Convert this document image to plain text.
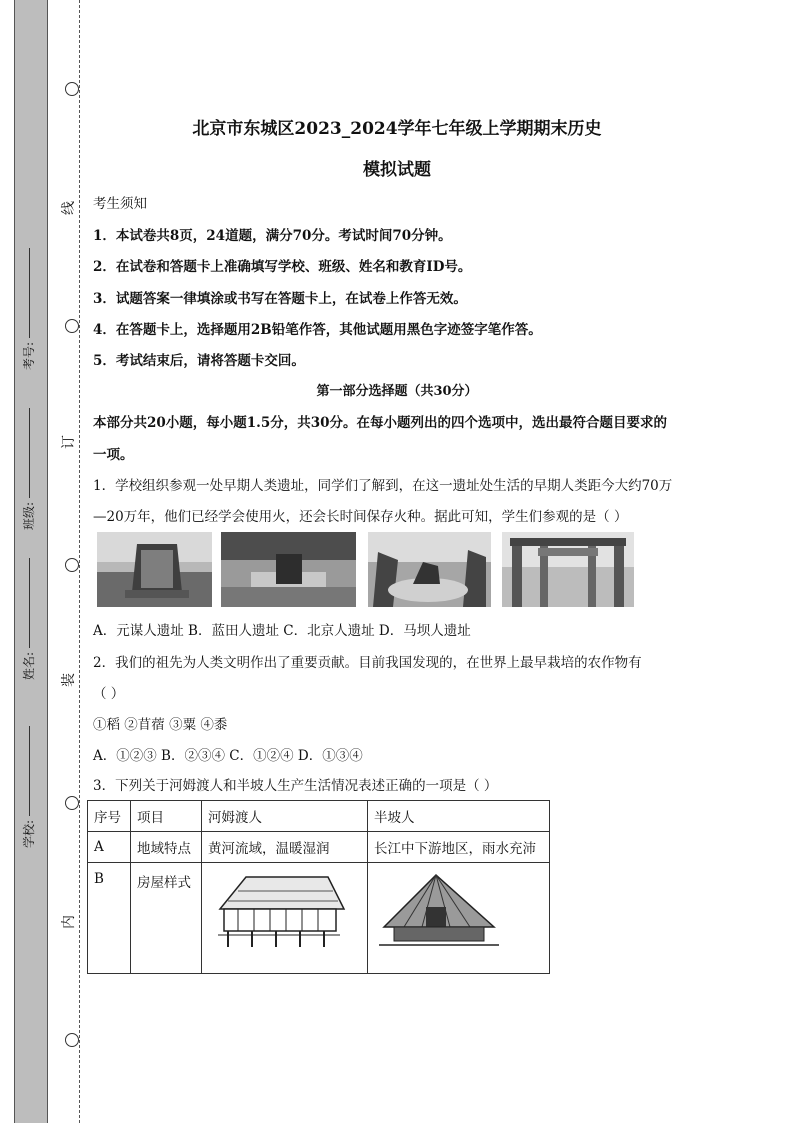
线
订
装
内
考号:
班级:
姓名:
学校:
北京市东城区2023_2024学年七年级上学期期末历史
模拟试题
考生须知
1．本试卷共8页，24道题，满分70分。考试时间70分钟。
2．在试卷和答题卡上准确填写学校、班级、姓名和教育ID号。
3．试题答案一律填涂或书写在答题卡上，在试卷上作答无效。
4．在答题卡上，选择题用2B铅笔作答，其他试题用黑色字迹签字笔作答。
5．考试结束后，请将答题卡交回。
第一部分选择题（共30分）
本部分共20小题，每小题1.5分，共30分。在每小题列出的四个选项中，选出最符合题目要求的
一项。
1．学校组织参观一处早期人类遗址，同学们了解到，在这一遗址处生活的早期人类距今大约70万
—20万年，他们已经学会使用火，还会长时间保存火种。据此可知，学生们参观的是（ ）
A．元谋人遗址 B．蓝田人遗址 C．北京人遗址 D．马坝人遗址
2．我们的祖先为人类文明作出了重要贡献。目前我国发现的，在世界上最早栽培的农作物有
（ ）
①稻 ②苜蓿 ③粟 ④黍
A．①②③ B．②③④ C．①②④ D．①③④
3．下列关于河姆渡人和半坡人生产生活情况表述正确的一项是（ ）
序号	项目	河姆渡人	半坡人
A	地域特点	黄河流域，温暖湿润	长江中下游地区，雨水充沛
B	房屋样式		
